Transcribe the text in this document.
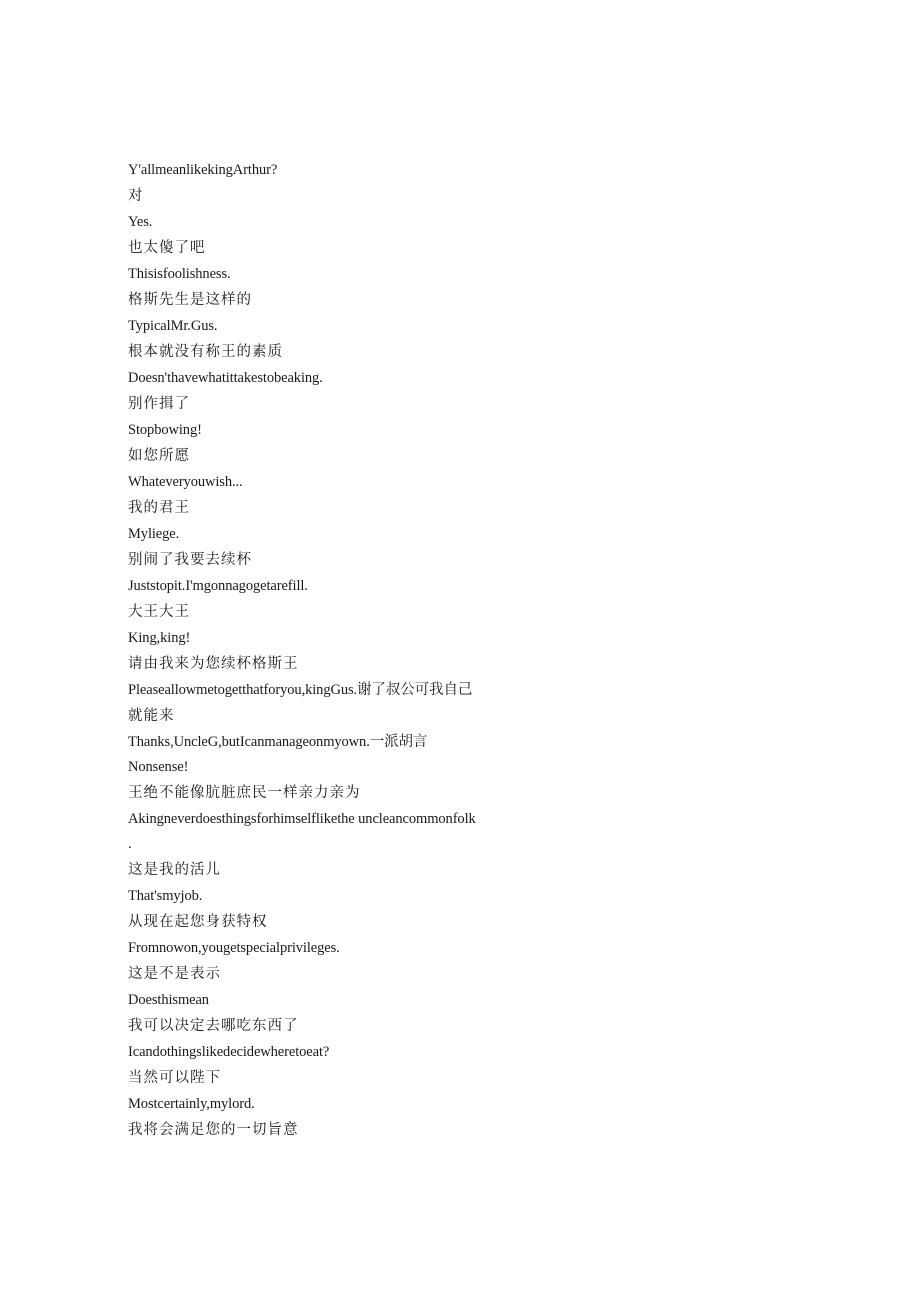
Y'allmeanlikekingArthur?
对
Yes.
也太傻了吧
Thisisfoolishness.
格斯先生是这样的
TypicalMr.Gus.
根本就没有称王的素质
Doesn'thavewhatittakestobeaking.
别作揖了
Stopbowing!
如您所愿
Whateveryouwish...
我的君王
Myliege.
别闹了我要去续杯
Juststopit.I'mgonnagogetarefill.
大王大王
King,king!
请由我来为您续杯格斯王
Pleaseallowmetogetthatforyou,kingGus.谢了叔公可我自己
就能来
Thanks,UncleG,butIcanmanageonmyown.一派胡言
Nonsense!
王绝不能像肮脏庶民一样亲力亲为
Akingneverdoesthingsforhimselflikethe uncleancommonfolk
.
这是我的活儿
That'smyjob.
从现在起您身获特权
Fromnowon,yougetspecialprivileges.
这是不是表示
Doesthismean
我可以决定去哪吃东西了
Icandothingslikedecidewheretoeat?
当然可以陛下
Mostcertainly,mylord.
我将会满足您的一切旨意
